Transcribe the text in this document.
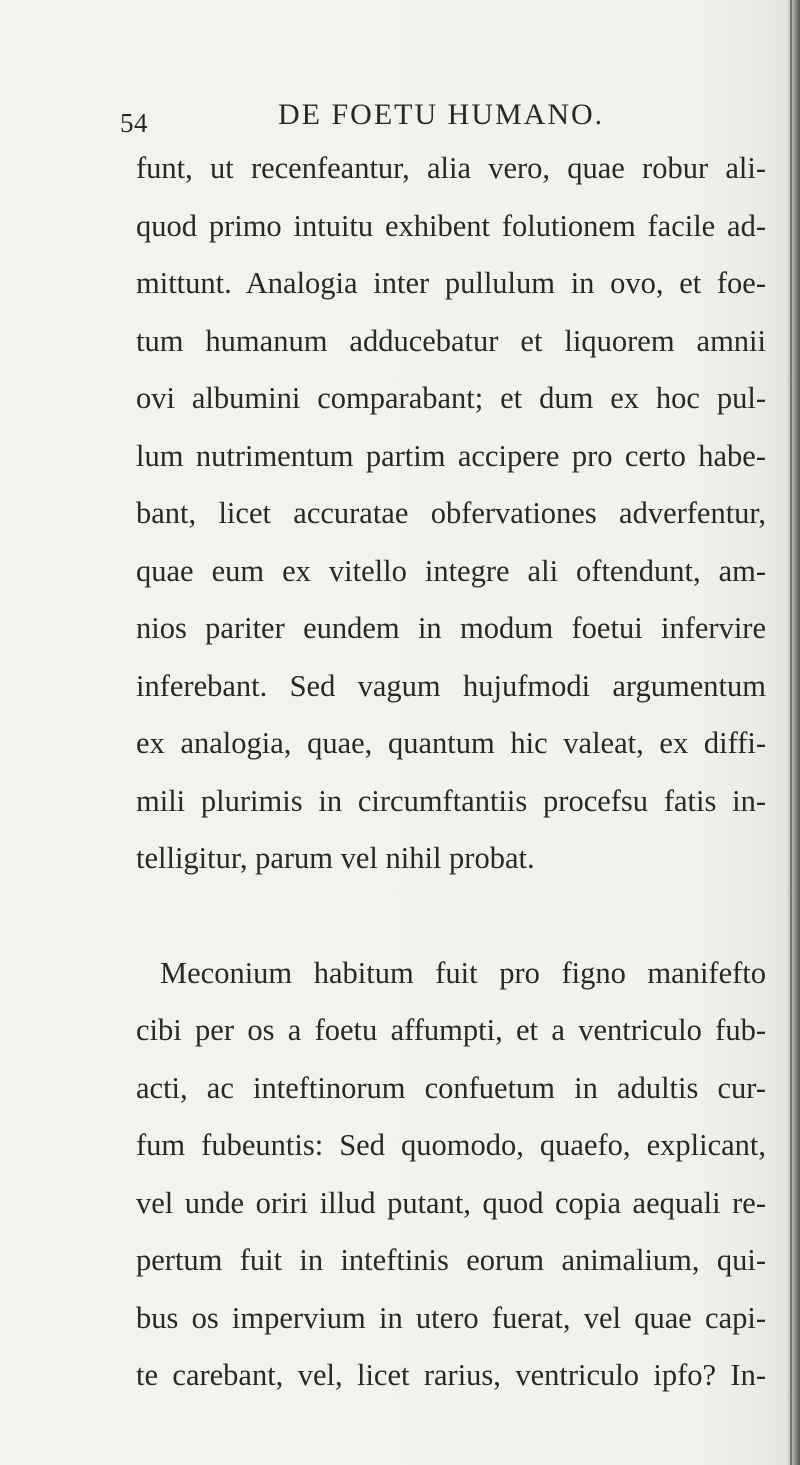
54	DE FOETU HUMANO.
funt, ut recenfeantur, alia vero, quae robur ali-
quod primo intuitu exhibent folutionem facile ad-
mittunt. Analogia inter pullulum in ovo, et foe-
tum humanum adducebatur et liquorem amnii
ovi albumini comparabant; et dum ex hoc pul-
lum nutrimentum partim accipere pro certo habe-
bant, licet accuratae obfervationes adverfentur,
quae eum ex vitello integre ali oftendunt, am-
nios pariter eundem in modum foetui infervire
inferebant. Sed vagum hujufmodi argumentum
ex analogia, quae, quantum hic valeat, ex diffi-
mili plurimis in circumftantiis procefsu fatis in-
telligitur, parum vel nihil probat.
Meconium habitum fuit pro figno manifefto
cibi per os a foetu affumpti, et a ventriculo fub-
acti, ac inteftinorum confuetum in adultis cur-
fum fubeuntis: Sed quomodo, quaefo, explicant,
vel unde oriri illud putant, quod copia aequali re-
pertum fuit in inteftinis eorum animalium, qui-
bus os impervium in utero fuerat, vel quae capi-
te carebant, vel, licet rarius, ventriculo ipfo? In-
